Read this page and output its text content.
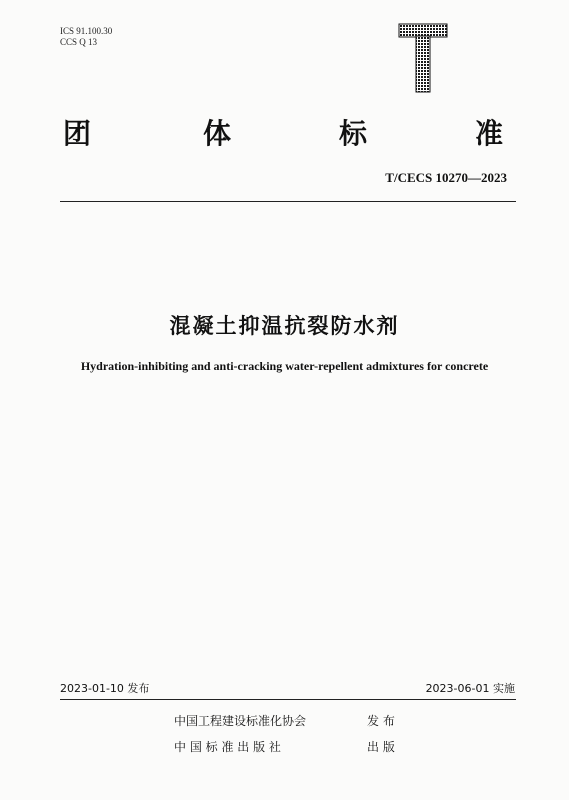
ICS 91.100.30
CCS Q 13
团	体	标	准
T/CECS 10270—2023
混凝土抑温抗裂防水剂
Hydration-inhibiting and anti-cracking water-repellent admixtures for concrete
2023-01-10 发布	2023-06-01 实施
中国工程建设标准化协会	发 布
中 国 标 准 出 版 社	出 版
